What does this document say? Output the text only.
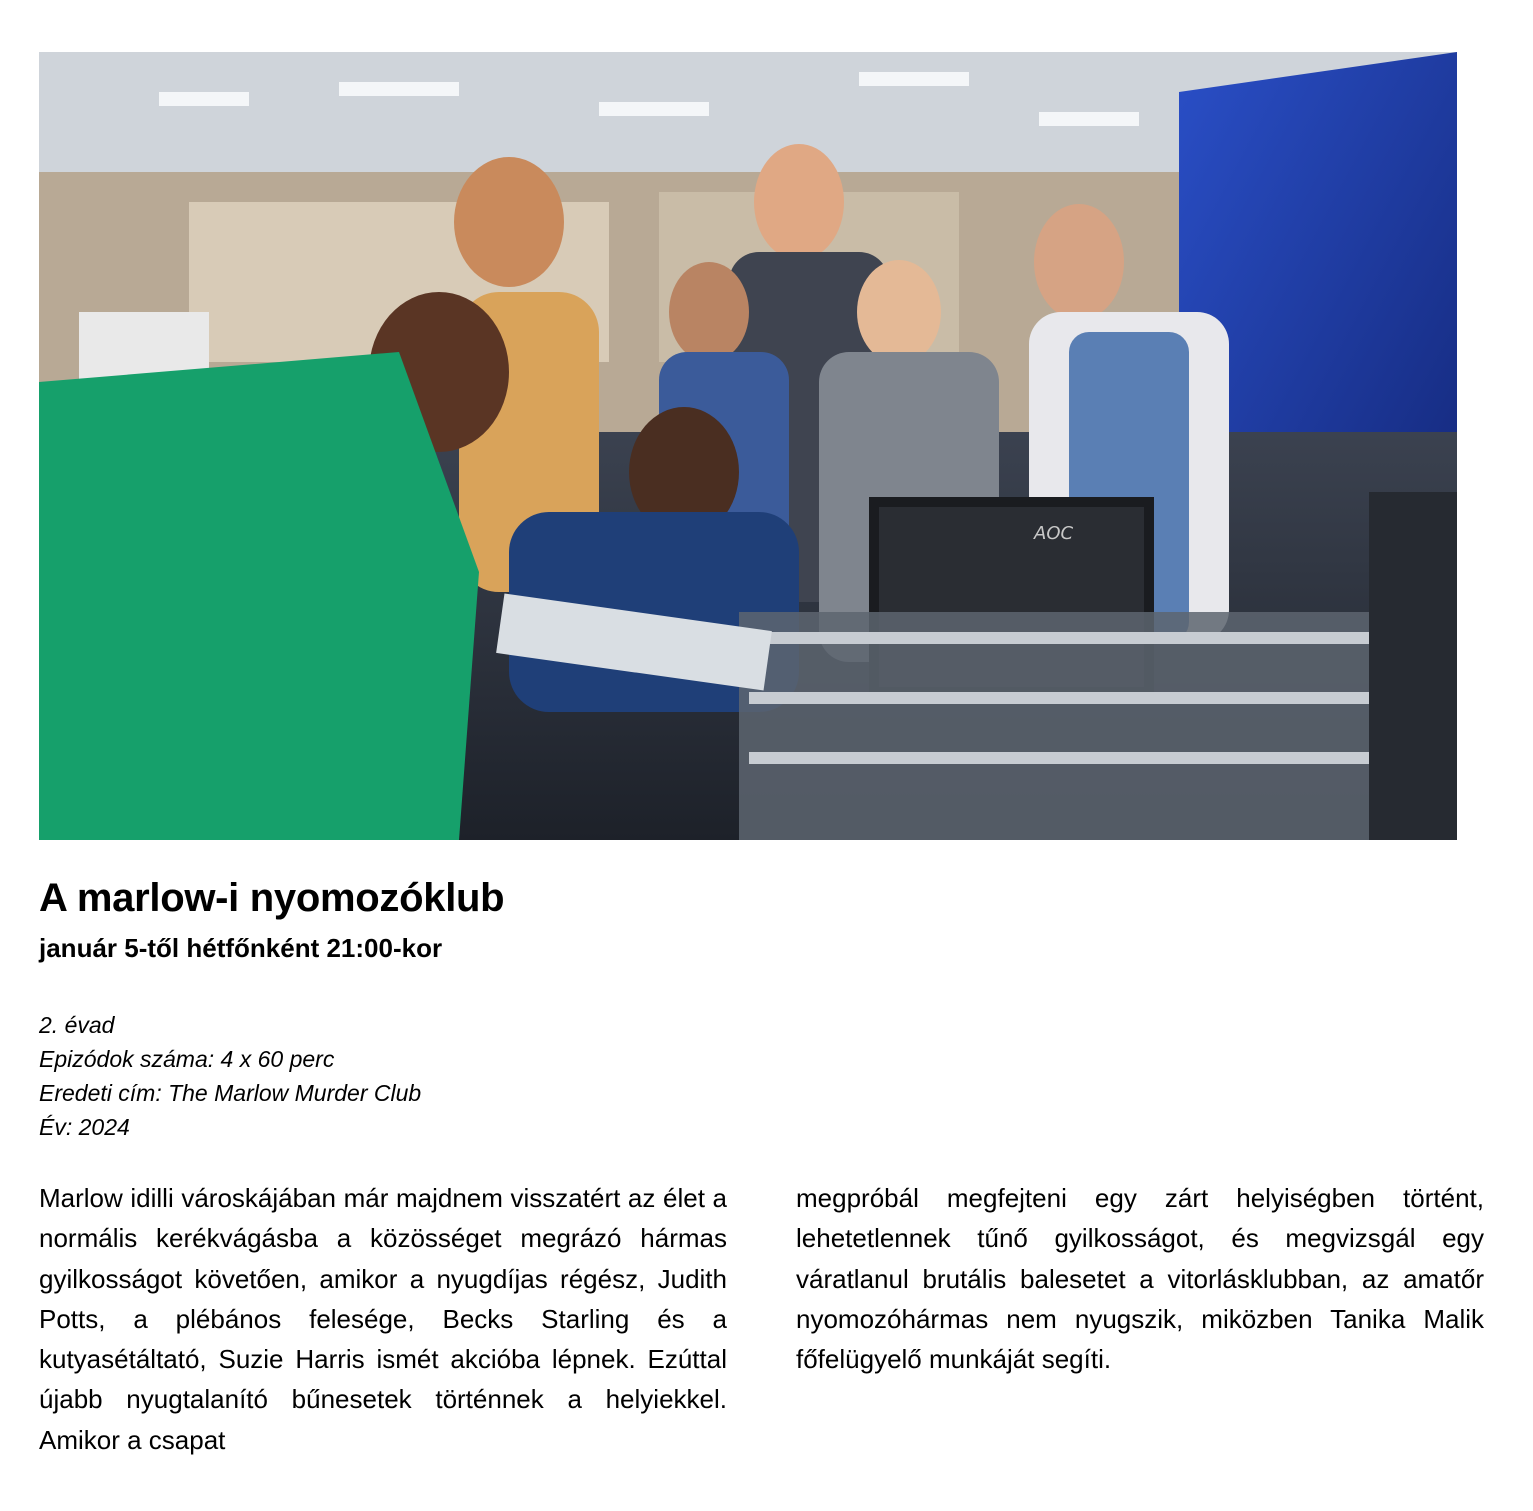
AOC
A marlow-i nyomozóklub
január 5-től hétfőnként 21:00-kor
2. évad
Epizódok száma: 4 x 60 perc
Eredeti cím: The Marlow Murder Club
Év: 2024
Marlow idilli városkájában már majdnem visszatért az élet a normális kerékvágásba a közösséget megrázó hármas gyilkosságot követően, amikor a nyugdíjas régész, Judith Potts, a plébános felesége, Becks Starling és a kutyasétáltató, Suzie Harris ismét akcióba lépnek. Ezúttal újabb nyugtalanító bűnesetek történnek a helyiekkel. Amikor a csapat
megpróbál megfejteni egy zárt helyiségben történt, lehetetlennek tűnő gyilkosságot, és megvizsgál egy váratlanul brutális balesetet a vitorlásklubban, az amatőr nyomozóhármas nem nyugszik, miközben Tanika Malik főfelügyelő munkáját segíti.
